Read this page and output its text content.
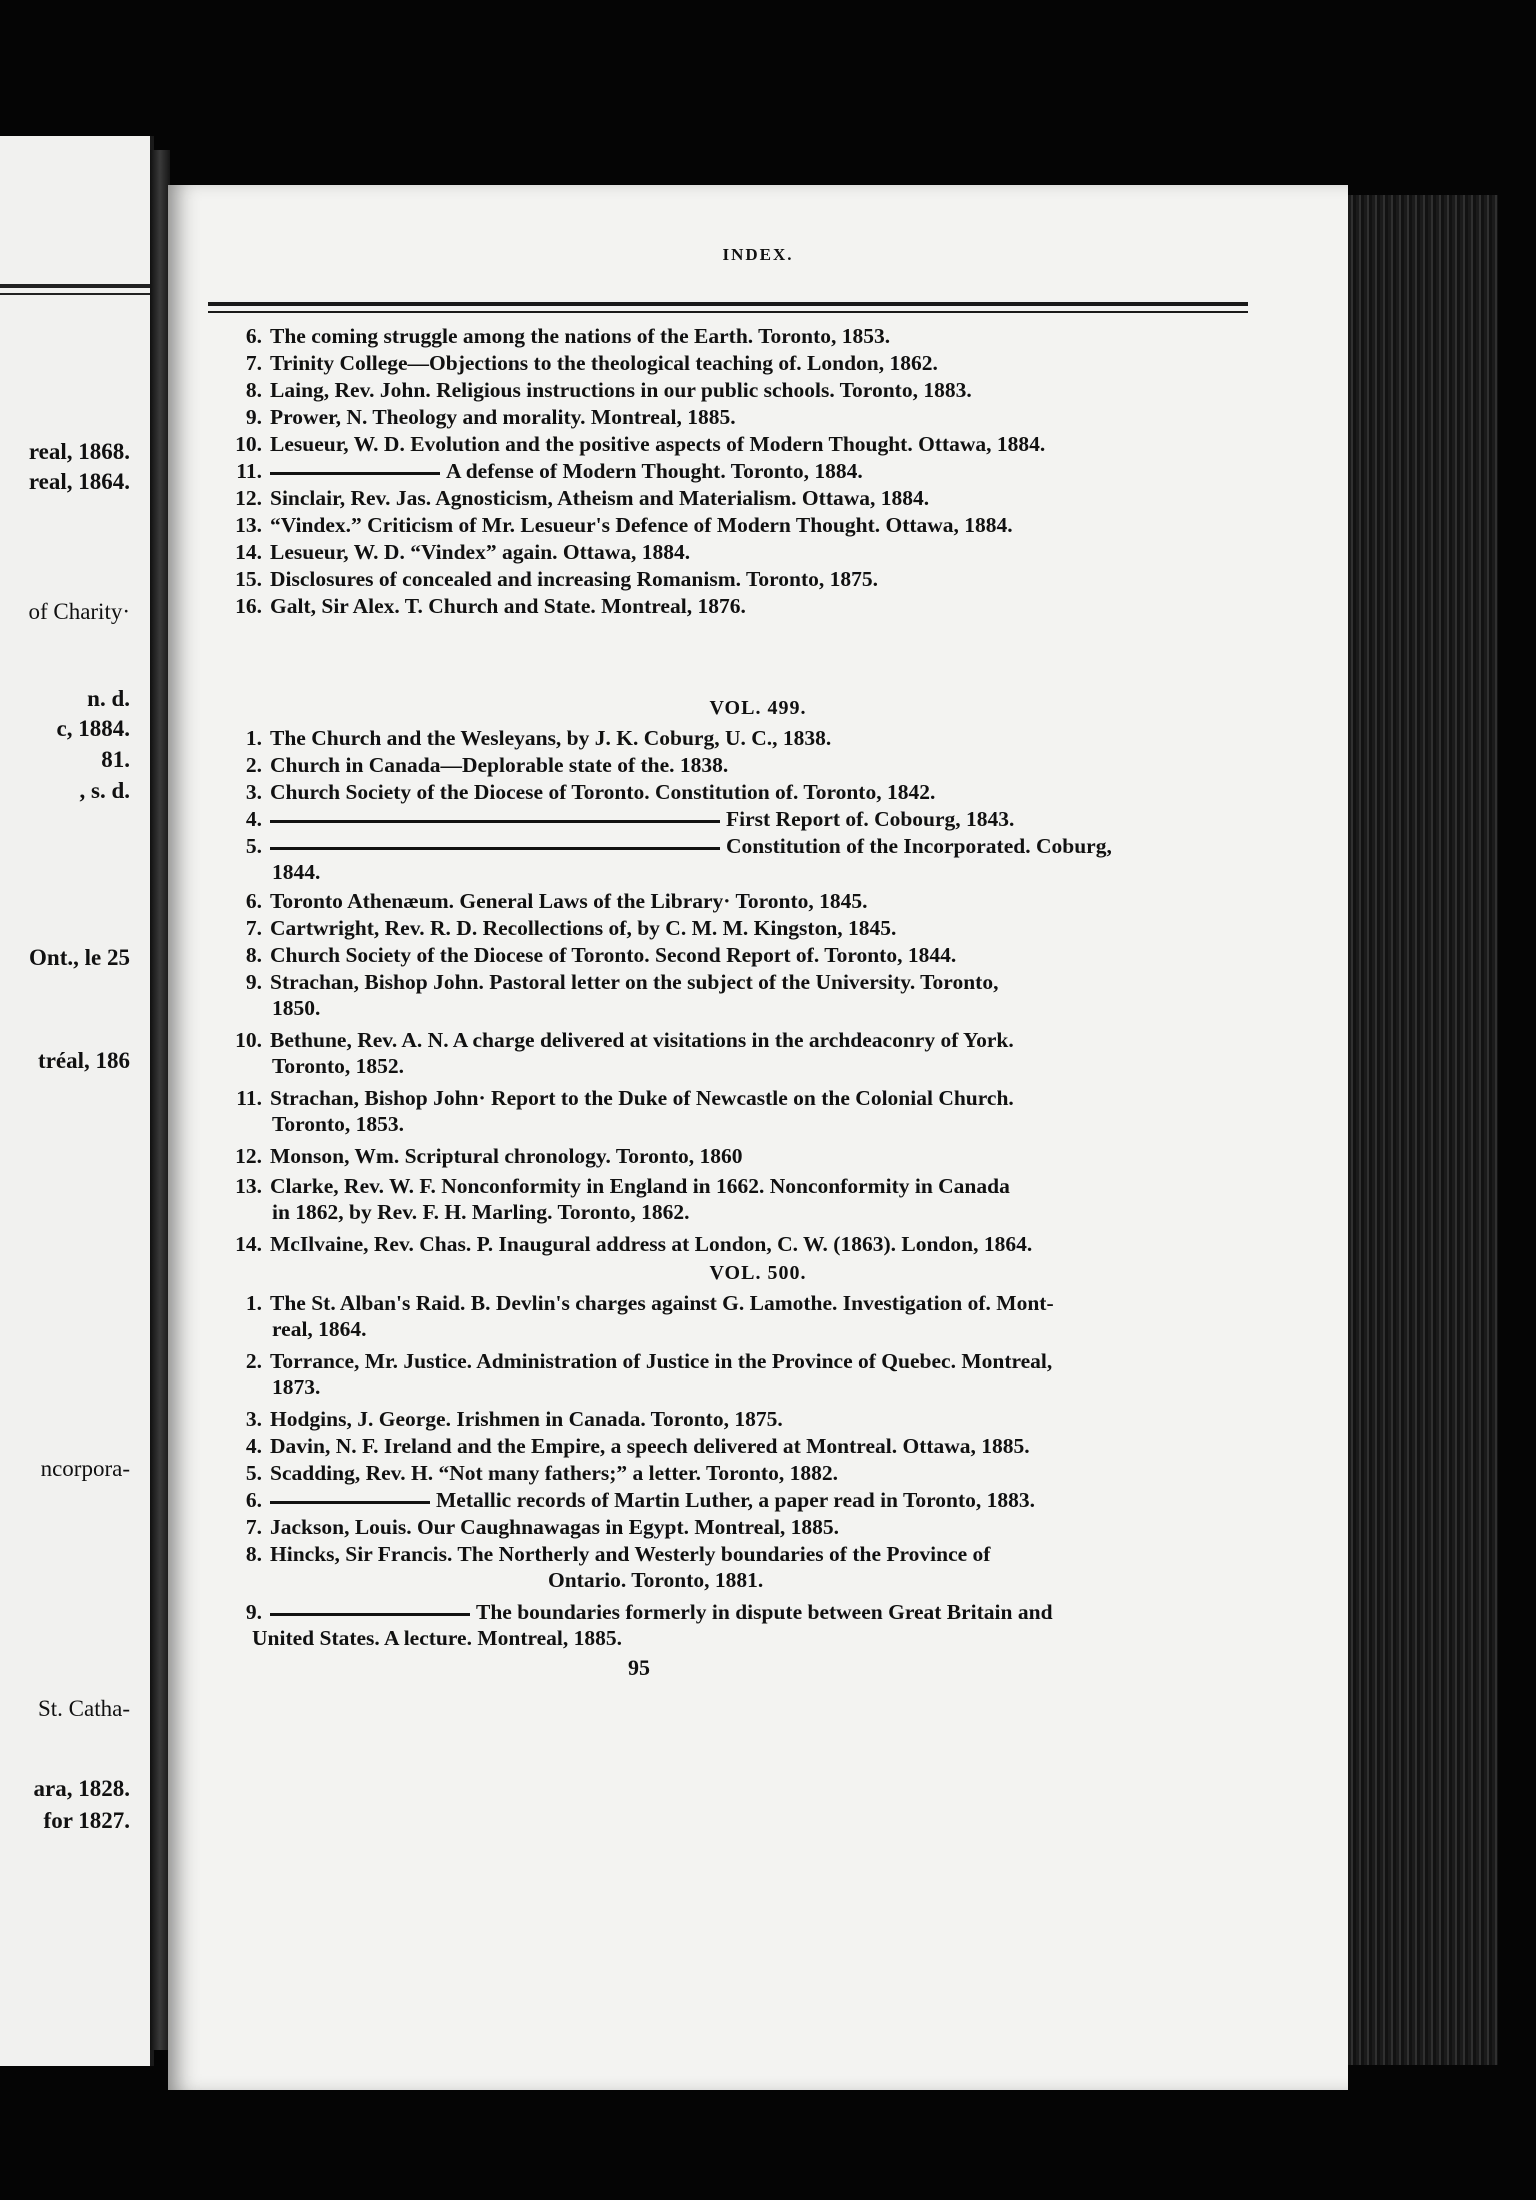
real, 1868.
real, 1864.
of Charity·
n. d.
c, 1884.
81.
, s. d.
Ont., le 25
tréal, 186
ncorpora-
St. Catha-
ara, 1828.
for 1827.
INDEX.
6. The coming struggle among the nations of the Earth. Toronto, 1853.
7. Trinity College—Objections to the theological teaching of. London, 1862.
8. Laing, Rev. John. Religious instructions in our public schools. Toronto, 1883.
9. Prower, N. Theology and morality. Montreal, 1885.
10. Lesueur, W. D. Evolution and the positive aspects of Modern Thought. Ottawa, 1884.
11.	A defense of Modern Thought. Toronto, 1884.
12. Sinclair, Rev. Jas. Agnosticism, Atheism and Materialism. Ottawa, 1884.
13. “Vindex.” Criticism of Mr. Lesueur's Defence of Modern Thought. Ottawa, 1884.
14. Lesueur, W. D. “Vindex” again. Ottawa, 1884.
15. Disclosures of concealed and increasing Romanism. Toronto, 1875.
16. Galt, Sir Alex. T. Church and State. Montreal, 1876.
VOL. 499.
1. The Church and the Wesleyans, by J. K. Coburg, U. C., 1838.
2. Church in Canada—Deplorable state of the. 1838.
3. Church Society of the Diocese of Toronto. Constitution of. Toronto, 1842.
4.	First Report of. Cobourg, 1843.
5.	Constitution of the Incorporated. Coburg,
1844.
6. Toronto Athenæum. General Laws of the Library· Toronto, 1845.
7. Cartwright, Rev. R. D. Recollections of, by C. M. M. Kingston, 1845.
8. Church Society of the Diocese of Toronto. Second Report of. Toronto, 1844.
9. Strachan, Bishop John. Pastoral letter on the subject of the University. Toronto,
1850.
10. Bethune, Rev. A. N. A charge delivered at visitations in the archdeaconry of York.
Toronto, 1852.
11. Strachan, Bishop John· Report to the Duke of Newcastle on the Colonial Church.
Toronto, 1853.
12. Monson, Wm. Scriptural chronology. Toronto, 1860
13. Clarke, Rev. W. F. Nonconformity in England in 1662. Nonconformity in Canada
in 1862, by Rev. F. H. Marling. Toronto, 1862.
14. McIlvaine, Rev. Chas. P. Inaugural address at London, C. W. (1863). London, 1864.
VOL. 500.
1. The St. Alban's Raid. B. Devlin's charges against G. Lamothe. Investigation of. Mont-
real, 1864.
2. Torrance, Mr. Justice. Administration of Justice in the Province of Quebec. Montreal,
1873.
3. Hodgins, J. George. Irishmen in Canada. Toronto, 1875.
4. Davin, N. F. Ireland and the Empire, a speech delivered at Montreal. Ottawa, 1885.
5. Scadding, Rev. H. “Not many fathers;” a letter. Toronto, 1882.
6.	Metallic records of Martin Luther, a paper read in Toronto, 1883.
7. Jackson, Louis. Our Caughnawagas in Egypt. Montreal, 1885.
8. Hincks, Sir Francis. The Northerly and Westerly boundaries of the Province of
Ontario. Toronto, 1881.
9.	The boundaries formerly in dispute between Great Britain and
United States. A lecture. Montreal, 1885.
95
